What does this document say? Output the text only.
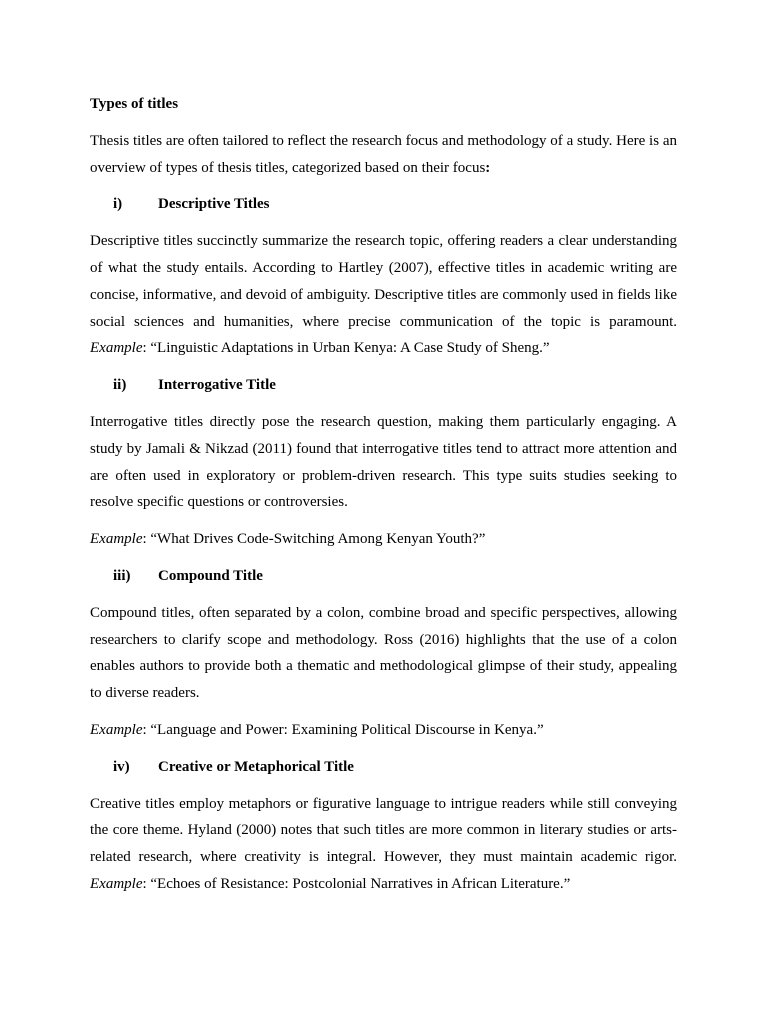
Types of titles

Thesis titles are often tailored to reflect the research focus and methodology of a study. Here is an overview of types of thesis titles, categorized based on their focus:

i)	Descriptive Titles

Descriptive titles succinctly summarize the research topic, offering readers a clear understanding of what the study entails. According to Hartley (2007), effective titles in academic writing are concise, informative, and devoid of ambiguity. Descriptive titles are commonly used in fields like social sciences and humanities, where precise communication of the topic is paramount. Example: “Linguistic Adaptations in Urban Kenya: A Case Study of Sheng.”

ii)	Interrogative Title

Interrogative titles directly pose the research question, making them particularly engaging. A study by Jamali & Nikzad (2011) found that interrogative titles tend to attract more attention and are often used in exploratory or problem-driven research. This type suits studies seeking to resolve specific questions or controversies.

Example: “What Drives Code-Switching Among Kenyan Youth?”

iii)	Compound Title

Compound titles, often separated by a colon, combine broad and specific perspectives, allowing researchers to clarify scope and methodology. Ross (2016) highlights that the use of a colon enables authors to provide both a thematic and methodological glimpse of their study, appealing to diverse readers.

Example: “Language and Power: Examining Political Discourse in Kenya.”

iv)	Creative or Metaphorical Title

Creative titles employ metaphors or figurative language to intrigue readers while still conveying the core theme. Hyland (2000) notes that such titles are more common in literary studies or arts-related research, where creativity is integral. However, they must maintain academic rigor. Example: “Echoes of Resistance: Postcolonial Narratives in African Literature.”
